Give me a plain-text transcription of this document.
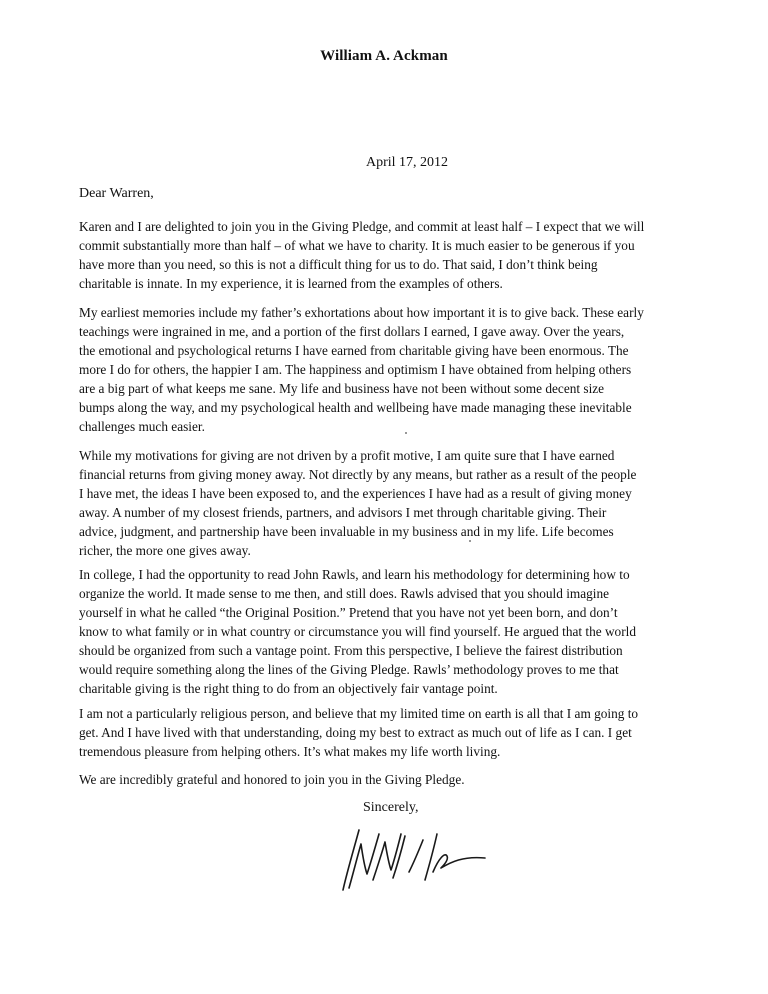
William A. Ackman
April 17, 2012
Dear Warren,

Karen and I are delighted to join you in the Giving Pledge, and commit at least half – I expect that we will
commit substantially more than half – of what we have to charity. It is much easier to be generous if you
have more than you need, so this is not a difficult thing for us to do. That said, I don’t think being
charitable is innate. In my experience, it is learned from the examples of others.

My earliest memories include my father’s exhortations about how important it is to give back. These early
teachings were ingrained in me, and a portion of the first dollars I earned, I gave away. Over the years,
the emotional and psychological returns I have earned from charitable giving have been enormous. The
more I do for others, the happier I am. The happiness and optimism I have obtained from helping others
are a big part of what keeps me sane. My life and business have not been without some decent size
bumps along the way, and my psychological health and wellbeing have made managing these inevitable
challenges much easier.

While my motivations for giving are not driven by a profit motive, I am quite sure that I have earned
financial returns from giving money away. Not directly by any means, but rather as a result of the people
I have met, the ideas I have been exposed to, and the experiences I have had as a result of giving money
away. A number of my closest friends, partners, and advisors I met through charitable giving. Their
advice, judgment, and partnership have been invaluable in my business and in my life. Life becomes
richer, the more one gives away.

In college, I had the opportunity to read John Rawls, and learn his methodology for determining how to
organize the world. It made sense to me then, and still does. Rawls advised that you should imagine
yourself in what he called “the Original Position.” Pretend that you have not yet been born, and don’t
know to what family or in what country or circumstance you will find yourself. He argued that the world
should be organized from such a vantage point. From this perspective, I believe the fairest distribution
would require something along the lines of the Giving Pledge. Rawls’ methodology proves to me that
charitable giving is the right thing to do from an objectively fair vantage point.

I am not a particularly religious person, and believe that my limited time on earth is all that I am going to
get. And I have lived with that understanding, doing my best to extract as much out of life as I can. I get
tremendous pleasure from helping others. It’s what makes my life worth living.

We are incredibly grateful and honored to join you in the Giving Pledge.

Sincerely,
